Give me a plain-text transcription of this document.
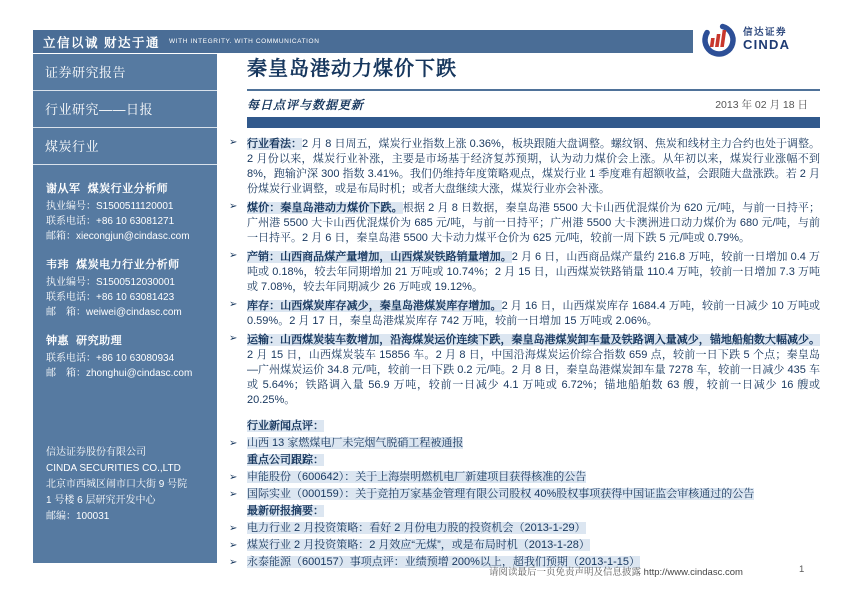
立信以诚 财达于通 WITH INTEGRITY. WITH COMMUNICATION
信达证券
CINDA
证券研究报告
行业研究——日报
煤炭行业
谢从军 煤炭行业分析师
执业编号：S1500511120001
联系电话：+86 10 63081271
邮箱：xiecongjun@cindasc.com
韦玮 煤炭电力行业分析师
执业编号：S1500512030001
联系电话：+86 10 63081423
邮　箱：weiwei@cindasc.com
钟惠 研究助理
联系电话：+86 10 63080934
邮　箱：zhonghui@cindasc.com
信达证券股份有限公司
CINDA SECURITIES CO.,LTD
北京市西城区闹市口大街 9 号院
1 号楼 6 层研究开发中心
邮编：100031
秦皇岛港动力煤价下跌
每日点评与数据更新	2013 年 02 月 18 日
➢ 行业看法：2 月 8 日周五，煤炭行业指数上涨 0.36%，板块跟随大盘调整。螺纹钢、焦炭和线材主力合约也处于调整。2 月份以来，煤炭行业补涨，主要是市场基于经济复苏预期，认为动力煤价会上涨。从年初以来，煤炭行业涨幅不到 8%，跑输沪深 300 指数 3.41%。我们仍维持年度策略观点，煤炭行业 1 季度难有超额收益，会跟随大盘涨跌。若 2 月份煤炭行业调整，或是布局时机；或者大盘继续大涨，煤炭行业亦会补涨。

➢ 煤价：秦皇岛港动力煤价下跌。根据 2 月 8 日数据，秦皇岛港 5500 大卡山西优混煤价为 620 元/吨，与前一日持平；广州港 5500 大卡山西优混煤价为 685 元/吨，与前一日持平；广州港 5500 大卡澳洲进口动力煤价为 680 元/吨，与前一日持平。2 月 6 日，秦皇岛港 5500 大卡动力煤平仓价为 625 元/吨，较前一周下跌 5 元/吨或 0.79%。

➢ 产销：山西商品煤产量增加，山西煤炭铁路销量增加。2 月 6 日，山西商品煤产量约 216.8 万吨，较前一日增加 0.4 万吨或 0.18%，较去年同期增加 21 万吨或 10.74%；2 月 15 日，山西煤炭铁路销量 110.4 万吨，较前一日增加 7.3 万吨或 7.08%，较去年同期减少 26 万吨或 19.12%。

➢ 库存：山西煤炭库存减少，秦皇岛港煤炭库存增加。2 月 16 日，山西煤炭库存 1684.4 万吨，较前一日减少 10 万吨或 0.59%。2 月 17 日，秦皇岛港煤炭库存 742 万吨，较前一日增加 15 万吨或 2.06%。

➢ 运输：山西煤炭装车数增加，沿海煤炭运价连续下跌，秦皇岛港煤炭卸车量及铁路调入量减少，锚地船舶数大幅减少。2 月 15 日，山西煤炭装车 15856 车。2 月 8 日，中国沿海煤炭运价综合指数 659 点，较前一日下跌 5 个点；秦皇岛—广州煤炭运价 34.8 元/吨，较前一日下跌 0.2 元/吨。2 月 8 日，秦皇岛港煤炭卸车量 7278 车，较前一日减少 435 车或 5.64%；铁路调入量 56.9 万吨，较前一日减少 4.1 万吨或 6.72%；锚地船舶数 63 艘，较前一日减少 16 艘或 20.25%。

行业新闻点评：
➢ 山西 13 家燃煤电厂未完烟气脱硝工程被通报
重点公司跟踪：
➢ 申能股份（600642）：关于上海崇明燃机电厂新建项目获得核准的公告
➢ 国际实业（000159）：关于竞拍万家基金管理有限公司股权 40%股权事项获得中国证监会审核通过的公告
最新研报摘要：
➢ 电力行业 2 月投资策略：看好 2 月份电力股的投资机会（2013-1-29）
➢ 煤炭行业 2 月投资策略：2 月效应“无煤”，或是布局时机（2013-1-28）
➢ 永泰能源（600157）事项点评：业绩预增 200%以上，超我们预期（2013-1-15）
请阅读最后一页免责声明及信息披露 http://www.cindasc.com	1
